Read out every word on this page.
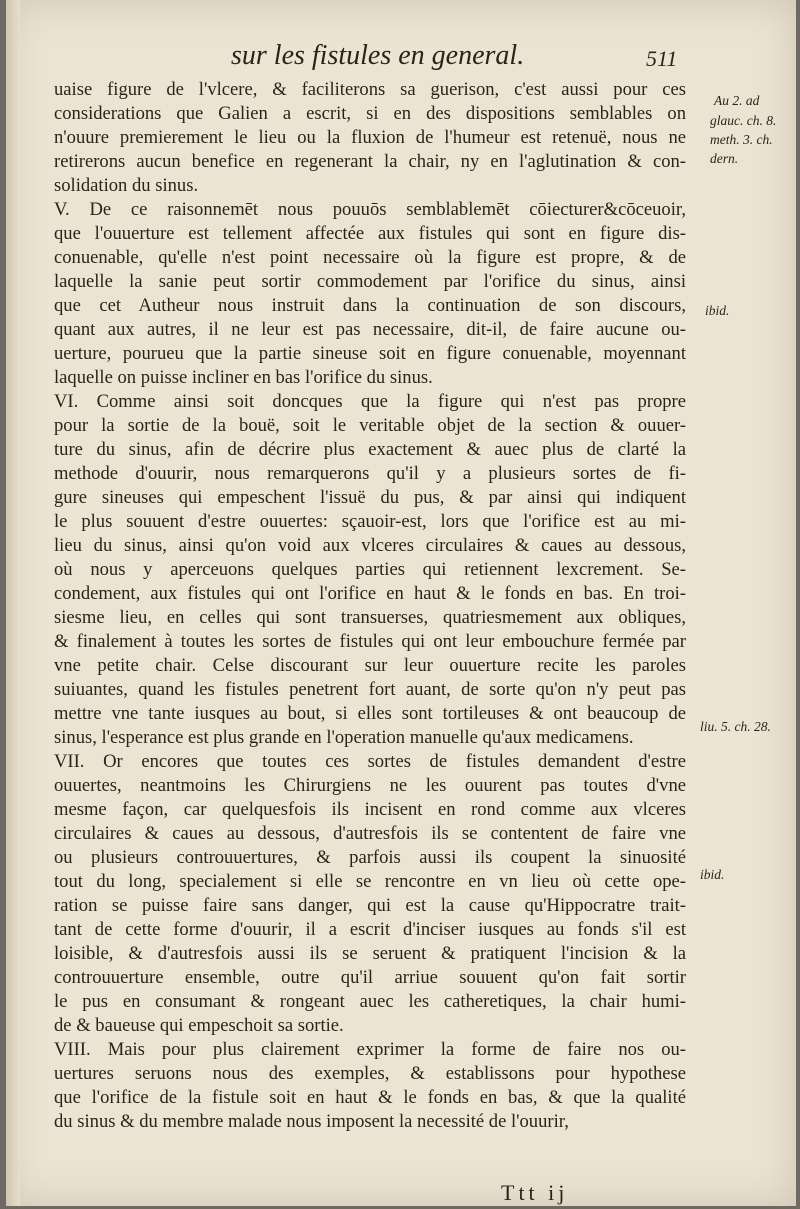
sur les fistules en general.	511

uaise figure de l'vlcere, & faciliterons sa guerison, c'est aussi pour ces
considerations que Galien a escrit, si en des dispositions semblables on
n'ouure premierement le lieu ou la fluxion de l'humeur est retenuë, nous ne
retirerons aucun benefice en regenerant la chair, ny en l'aglutination & con-
solidation du sinus.

V. De ce raisonnemēt nous pouuōs semblablemēt cōiecturer&cōceuoir,
que l'ouuerture est tellement affectée aux fistules qui sont en figure dis-
conuenable, qu'elle n'est point necessaire où la figure est propre, & de
laquelle la sanie peut sortir commodement par l'orifice du sinus, ainsi
que cet Autheur nous instruit dans la continuation de son discours,
quant aux autres, il ne leur est pas necessaire, dit-il, de faire aucune ou-
uerture, pourueu que la partie sineuse soit en figure conuenable, moyennant
laquelle on puisse incliner en bas l'orifice du sinus.

VI. Comme ainsi soit doncques que la figure qui n'est pas propre
pour la sortie de la bouë, soit le veritable objet de la section & ouuer-
ture du sinus, afin de décrire plus exactement & auec plus de clarté la
methode d'ouurir, nous remarquerons qu'il y a plusieurs sortes de fi-
gure sineuses qui empeschent l'issuë du pus, & par ainsi qui indiquent
le plus souuent d'estre ouuertes: sçauoir-est, lors que l'orifice est au mi-
lieu du sinus, ainsi qu'on void aux vlceres circulaires & caues au dessous,
où nous y aperceuons quelques parties qui retiennent lexcrement. Se-
condement, aux fistules qui ont l'orifice en haut & le fonds en bas. En troi-
siesme lieu, en celles qui sont transuerses, quatriesmement aux obliques,
& finalement à toutes les sortes de fistules qui ont leur embouchure fermée par
vne petite chair. Celse discourant sur leur ouuerture recite les paroles
suiuantes, quand les fistules penetrent fort auant, de sorte qu'on n'y peut pas
mettre vne tante iusques au bout, si elles sont tortileuses & ont beaucoup de
sinus, l'esperance est plus grande en l'operation manuelle qu'aux medicamens.

VII. Or encores que toutes ces sortes de fistules demandent d'estre
ouuertes, neantmoins les Chirurgiens ne les ouurent pas toutes d'vne
mesme façon, car quelquesfois ils incisent en rond comme aux vlceres
circulaires & caues au dessous, d'autresfois ils se contentent de faire vne
ou plusieurs controuuertures, & parfois aussi ils coupent la sinuosité
tout du long, specialement si elle se rencontre en vn lieu où cette ope-
ration se puisse faire sans danger, qui est la cause qu'Hippocratre trait-
tant de cette forme d'ouurir, il a escrit d'inciser iusques au fonds s'il est
loisible, & d'autresfois aussi ils se seruent & pratiquent l'incision & la
controuuerture ensemble, outre qu'il arriue souuent qu'on fait sortir
le pus en consumant & rongeant auec les catheretiques, la chair humi-
de & baueuse qui empeschoit sa sortie.

VIII. Mais pour plus clairement exprimer la forme de faire nos ou-
uertures seruons nous des exemples, & establissons pour hypothese
que l'orifice de la fistule soit en haut & le fonds en bas, & que la qualité
du sinus & du membre malade nous imposent la necessité de l'ouurir,

Au 2. ad
glauc. ch. 8.
meth. 3. ch.
dern.
ibid.
liu. 5. ch. 28.
ibid.
Ttt ij
